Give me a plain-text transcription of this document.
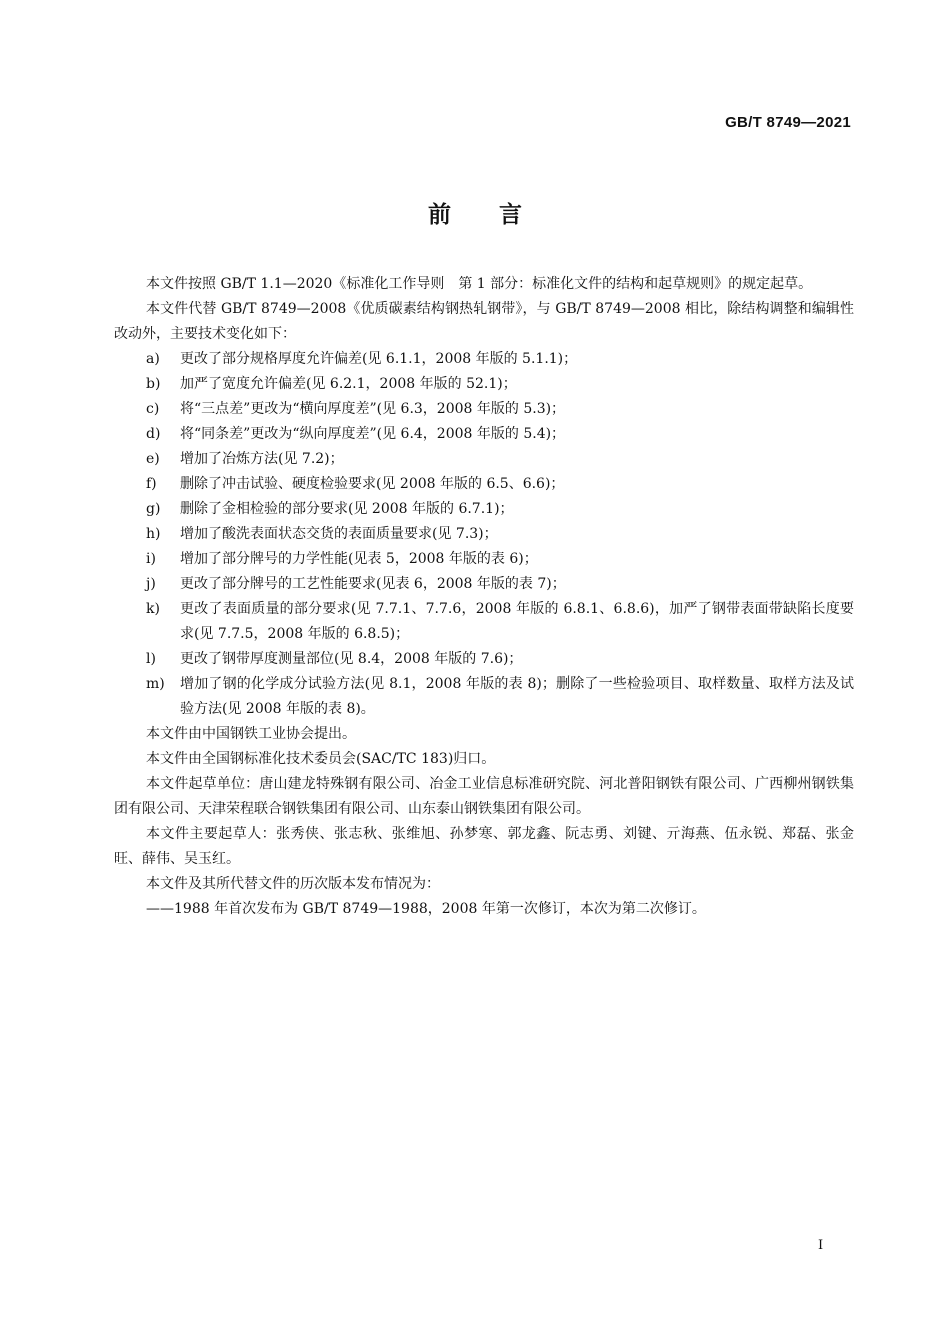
GB/T 8749—2021
前言

本文件按照 GB/T 1.1—2020《标准化工作导则　第 1 部分：标准化文件的结构和起草规则》的规定起草。

本文件代替 GB/T 8749—2008《优质碳素结构钢热轧钢带》，与 GB/T 8749—2008 相比，除结构调整和编辑性改动外，主要技术变化如下：

a)	更改了部分规格厚度允许偏差(见 6.1.1，2008 年版的 5.1.1)；
b)	加严了宽度允许偏差(见 6.2.1，2008 年版的 52.1)；
c)	将“三点差”更改为“横向厚度差”(见 6.3，2008 年版的 5.3)；
d)	将“同条差”更改为“纵向厚度差”(见 6.4，2008 年版的 5.4)；
e)	增加了冶炼方法(见 7.2)；
f)	删除了冲击试验、硬度检验要求(见 2008 年版的 6.5、6.6)；
g)	删除了金相检验的部分要求(见 2008 年版的 6.7.1)；
h)	增加了酸洗表面状态交货的表面质量要求(见 7.3)；
i)	增加了部分牌号的力学性能(见表 5，2008 年版的表 6)；
j)	更改了部分牌号的工艺性能要求(见表 6，2008 年版的表 7)；
k)	更改了表面质量的部分要求(见 7.7.1、7.7.6，2008 年版的 6.8.1、6.8.6)，加严了钢带表面带缺陷长度要求(见 7.7.5，2008 年版的 6.8.5)；
l)	更改了钢带厚度测量部位(见 8.4，2008 年版的 7.6)；
m)	增加了钢的化学成分试验方法(见 8.1，2008 年版的表 8)；删除了一些检验项目、取样数量、取样方法及试验方法(见 2008 年版的表 8)。

本文件由中国钢铁工业协会提出。

本文件由全国钢标准化技术委员会(SAC/TC 183)归口。

本文件起草单位：唐山建龙特殊钢有限公司、冶金工业信息标准研究院、河北普阳钢铁有限公司、广西柳州钢铁集团有限公司、天津荣程联合钢铁集团有限公司、山东泰山钢铁集团有限公司。

本文件主要起草人：张秀侠、张志秋、张维旭、孙梦寒、郭龙鑫、阮志勇、刘键、亓海燕、伍永锐、郑磊、张金旺、薛伟、吴玉红。

本文件及其所代替文件的历次版本发布情况为：

——1988 年首次发布为 GB/T 8749—1988，2008 年第一次修订，本次为第二次修订。

I
